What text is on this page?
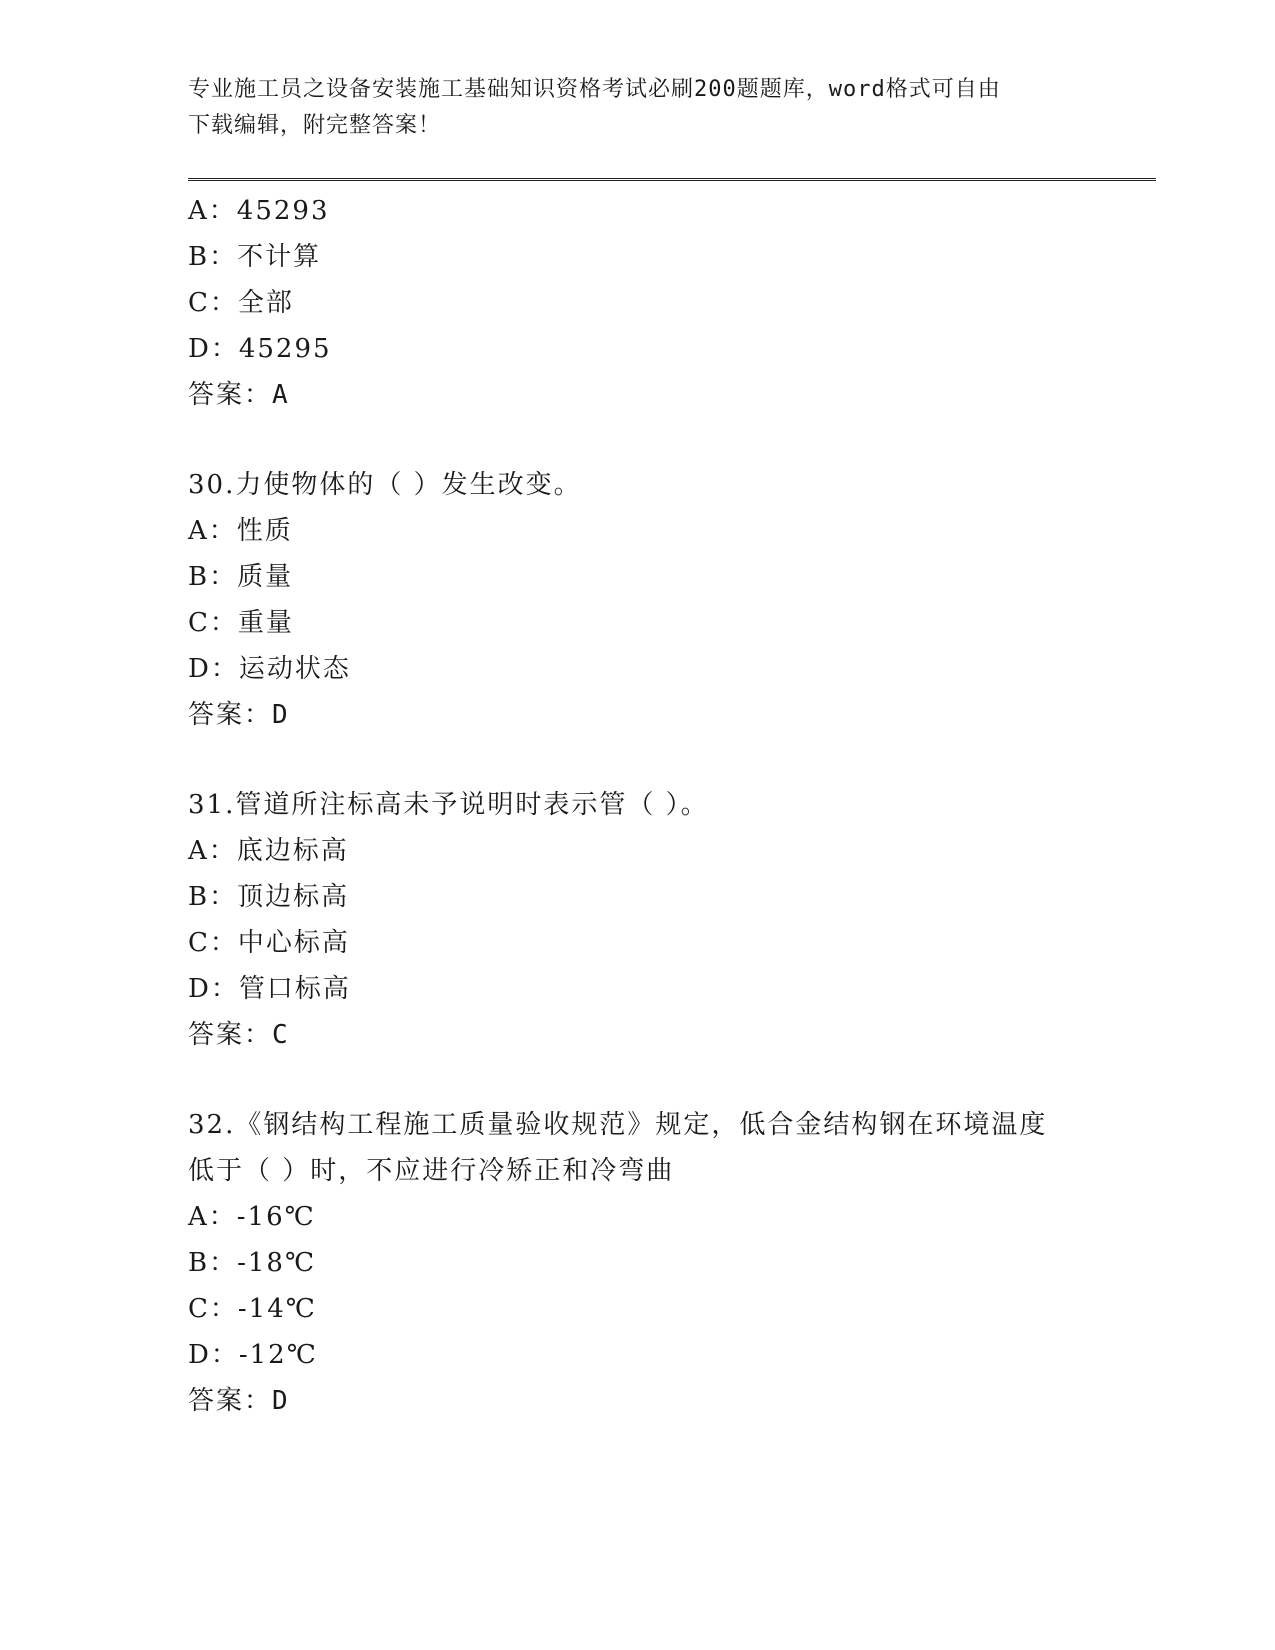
专业施工员之设备安装施工基础知识资格考试必刷200题题库，word格式可自由
下载编辑，附完整答案！
A：45293
B：不计算
C：全部
D：45295
答案：A
30.力使物体的（ ）发生改变。
A：性质
B：质量
C：重量
D：运动状态
答案：D
31.管道所注标高未予说明时表示管（ ）。
A：底边标高
B：顶边标高
C：中心标高
D：管口标高
答案：C
32.《钢结构工程施工质量验收规范》规定，低合金结构钢在环境温度
低于（ ）时，不应进行冷矫正和冷弯曲
A：-16℃
B：-18℃
C：-14℃
D：-12℃
答案：D
